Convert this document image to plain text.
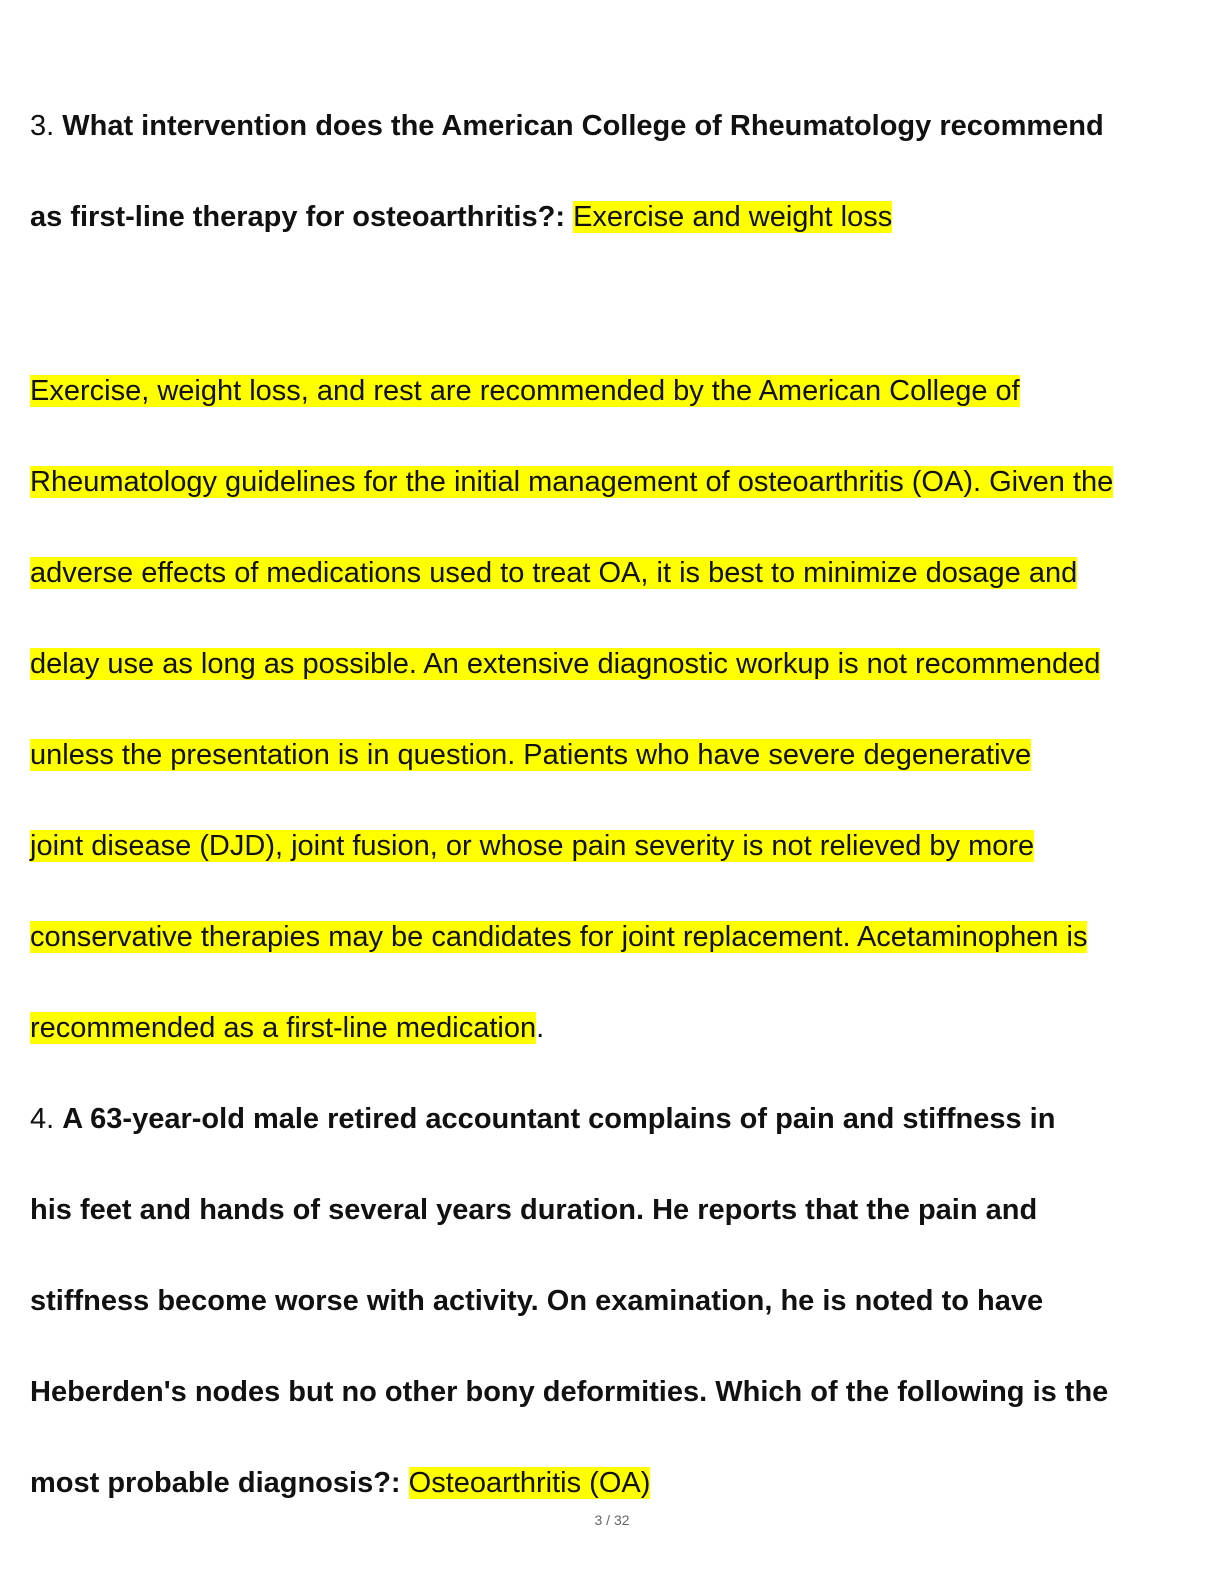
3. What intervention does the American College of Rheumatology recommend
as first-line therapy for osteoarthritis?: Exercise and weight loss
Exercise, weight loss, and rest are recommended by the American College of
Rheumatology guidelines for the initial management of osteoarthritis (OA). Given the
adverse effects of medications used to treat OA, it is best to minimize dosage and
delay use as long as possible. An extensive diagnostic workup is not recommended
unless the presentation is in question. Patients who have severe degenerative
joint disease (DJD), joint fusion, or whose pain severity is not relieved by more
conservative therapies may be candidates for joint replacement. Acetaminophen is
recommended as a first-line medication.
4. A 63-year-old male retired accountant complains of pain and stiffness in
his feet and hands of several years duration. He reports that the pain and
stiffness become worse with activity. On examination, he is noted to have
Heberden's nodes but no other bony deformities. Which of the following is the
most probable diagnosis?: Osteoarthritis (OA)
3 / 32
